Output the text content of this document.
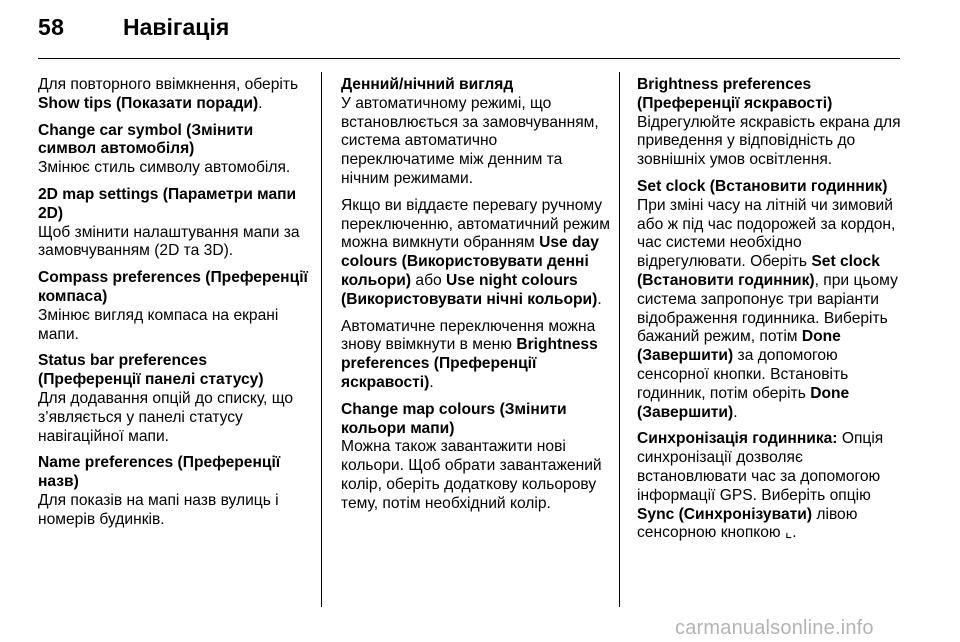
58	Навігація

Для повторного ввімкнення, оберіть Show tips (Показати поради).

Change car symbol (Змінити символ автомобіля)
Змінює стиль символу автомобіля.

2D map settings (Параметри мапи 2D)
Щоб змінити налаштування мапи за замовчуванням (2D та 3D).

Compass preferences (Преференції компаса)
Змінює вигляд компаса на екрані мапи.

Status bar preferences (Преференції панелі статусу)
Для додавання опцій до списку, що з’являється у панелі статусу навігаційної мапи.

Name preferences (Преференції назв)
Для показів на мапі назв вулиць і номерів будинків.

Денний/нічний вигляд
У автоматичному режимі, що встановлюється за замовчуванням, система автоматично переключатиме між денним та нічним режимами.

Якщо ви віддаєте перевагу ручному переключенню, автоматичний режим можна вимкнути обранням Use day colours (Використовувати денні кольори) або Use night colours (Використовувати нічні кольори).

Автоматичне переключення можна знову ввімкнути в меню Brightness preferences (Преференції яскравості).

Change map colours (Змінити кольори мапи)
Можна також завантажити нові кольори. Щоб обрати завантажений колір, оберіть додаткову кольорову тему, потім необхідний колір.

Brightness preferences (Преференції яскравості)
Відрегулюйте яскравість екрана для приведення у відповідність до зовнішніх умов освітлення.

Set clock (Встановити годинник)
При зміні часу на літній чи зимовий або ж під час подорожей за кордон, час системи необхідно відрегулювати. Оберіть Set clock (Встановити годинник), при цьому система запропонує три варіанти відображення годинника. Виберіть бажаний режим, потім Done (Завершити) за допомогою сенсорної кнопки. Встановіть годинник, потім оберіть Done (Завершити).

Синхронізація годинника: Опція синхронізації дозволяє встановлювати час за допомогою інформації GPS. Виберіть опцію Sync (Синхронізувати) лівою сенсорною кнопкою ⌞.

carmanualsonline.info
